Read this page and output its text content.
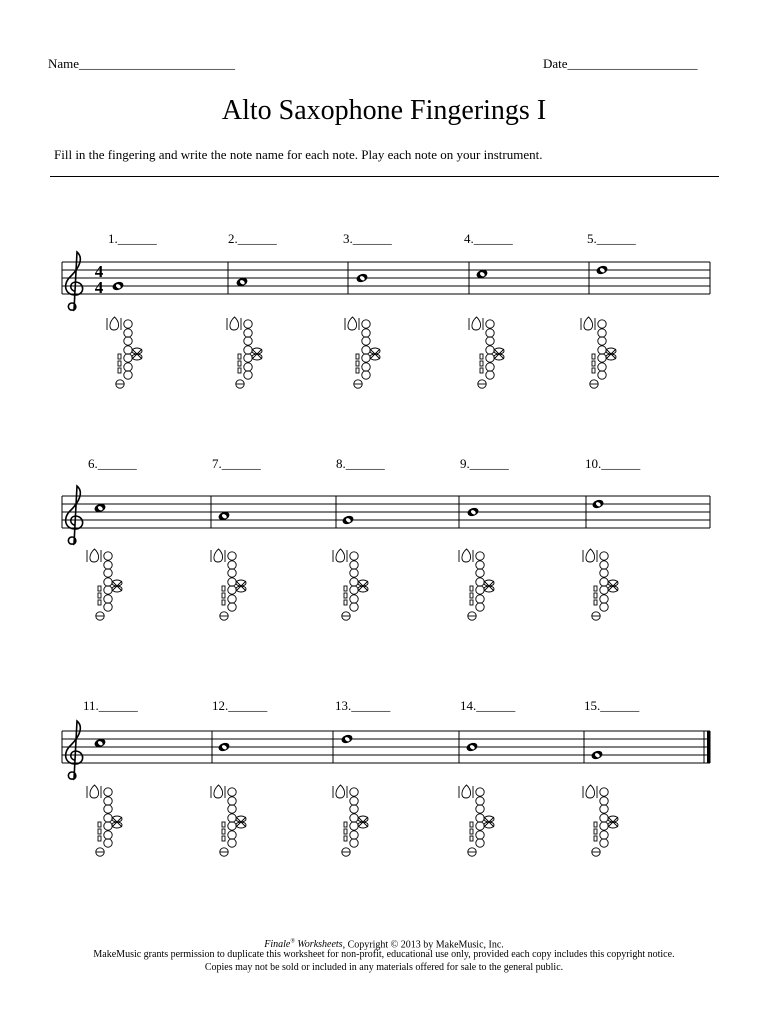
Name________________________	Date____________________
Alto Saxophone Fingerings I
Fill in the fingering and write the note name for each note. Play each note on your instrument.
4
4
1.______	2.______	3.______	4.______	5.______
6.______	7.______	8.______	9.______	10.______
11.______	12.______	13.______	14.______	15.______
Finale® Worksheets, Copyright © 2013 by MakeMusic, Inc.
MakeMusic grants permission to duplicate this worksheet for non-profit, educational use only, provided each copy includes this copyright notice.
Copies may not be sold or included in any materials offered for sale to the general public.
